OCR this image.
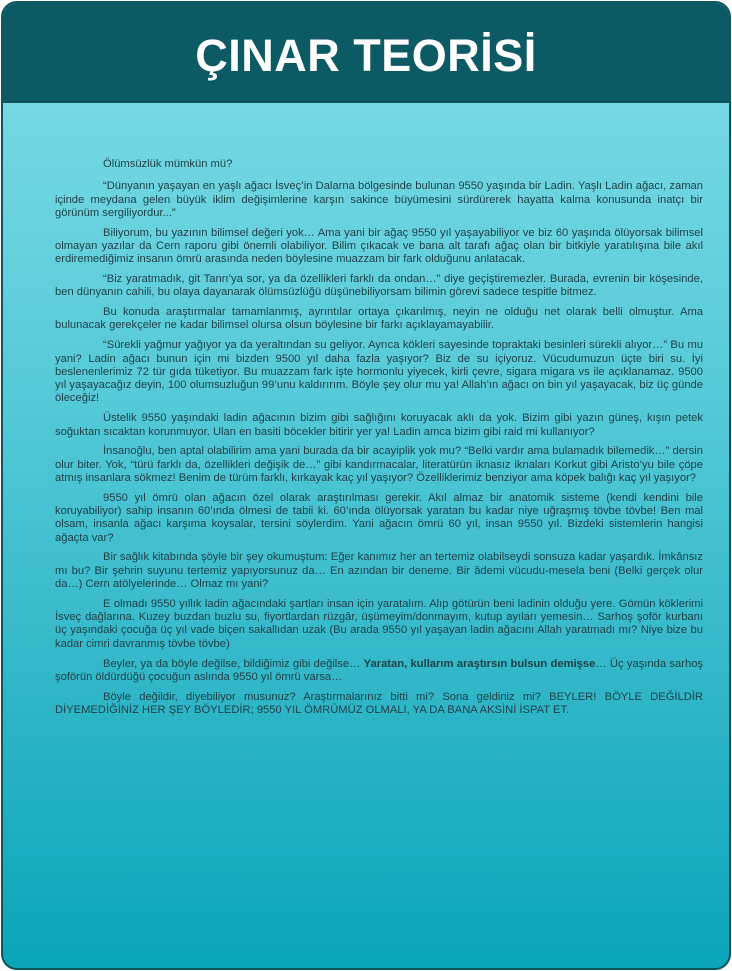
ÇINAR TEORİSİ

Ölümsüzlük mümkün mü?

“Dünyanın yaşayan en yaşlı ağacı İsveç’in Dalarna bölgesinde bulunan 9550 yaşında bir Ladin. Yaşlı Ladin ağacı, zaman içinde meydana gelen büyük iklim değişimlerine karşın sakince büyümesini sürdürerek hayatta kalma konusunda inatçı bir görünüm sergiliyordur...”

Biliyorum, bu yazının bilimsel değeri yok… Ama yani bir ağaç 9550 yıl yaşayabiliyor ve biz 60 yaşında ölüyorsak bilimsel olmayan yazılar da Cern raporu gibi önemli olabiliyor. Bilim çıkacak ve bana alt tarafı ağaç olan bir bitkiyle yaratılışına bile akıl erdiremediğimiz insanın ömrü arasında neden böylesine muazzam bir fark olduğunu anlatacak.

“Biz yaratmadık, git Tanrı’ya sor, ya da özellikleri farklı da ondan…” diye geçiştiremezler. Burada, evrenin bir köşesinde, ben dünyanın cahili, bu olaya dayanarak ölümsüzlüğü düşünebiliyorsam bilimin görevi sadece tespitle bitmez.

Bu konuda araştırmalar tamamlanmış, ayrıntılar ortaya çıkarılmış, neyin ne olduğu net olarak belli olmuştur. Ama bulunacak gerekçeler ne kadar bilimsel olursa olsun böylesine bir farkı açıklayamayabilir.

“Sürekli yağmur yağıyor ya da yeraltından su geliyor. Ayrıca kökleri sayesinde topraktaki besinleri sürekli alıyor…” Bu mu yani? Ladin ağacı bunun için mi bizden 9500 yıl daha fazla yaşıyor? Biz de su içiyoruz. Vücudumuzun üçte biri su. İyi beslenenlerimiz 72 tür gıda tüketiyor. Bu muazzam fark işte hormonlu yiyecek, kirli çevre, sigara migara vs ile açıklanamaz. 9500 yıl yaşayacağız deyin, 100 olumsuzluğun 99’unu kaldırırım. Böyle şey olur mu ya! Allah’ın ağacı on bin yıl yaşayacak, biz üç günde öleceğiz!

Üstelik 9550 yaşındaki ladin ağacının bizim gibi sağlığını koruyacak aklı da yok. Bizim gibi yazın güneş, kışın petek soğuktan sıcaktan korunmuyor. Ulan en basiti böcekler bitirir yer ya! Ladin amca bizim gibi raid mi kullanıyor?

İnsanoğlu, ben aptal olabilirim ama yani burada da bir acayiplik yok mu? “Belki vardır ama bulamadık bilemedik…” dersin olur biter. Yok, “türü farklı da, özellikleri değişik de…” gibi kandırmacalar, literatürün iknasız iknaları Korkut gibi Aristo’yu bile çöpe atmış insanlara sökmez! Benim de türüm farklı, kırkayak kaç yıl yaşıyor? Özelliklerimiz benziyor ama köpek balığı kaç yıl yaşıyor?

9550 yıl ömrü olan ağacın özel olarak araştırılması gerekir. Akıl almaz bir anatomik sisteme (kendi kendini bile koruyabiliyor) sahip insanın 60’ında ölmesi de tabii ki. 60’ında ölüyorsak yaratan bu kadar niye uğraşmış tövbe tövbe! Ben mal olsam, insanla ağacı karşıma koysalar, tersini söylerdim. Yani ağacın ömrü 60 yıl, insan 9550 yıl. Bizdeki sistemlerin hangisi ağaçta var?

Bir sağlık kitabında şöyle bir şey okumuştum: Eğer kanımız her an tertemiz olabilseydi sonsuza kadar yaşardık. İmkânsız mı bu? Bir şehrin suyunu tertemiz yapıyorsunuz da… En azından bir deneme. Bir âdemi vücudu-mesela beni (Belki gerçek olur da…) Cern atölyelerinde… Olmaz mı yani?

E olmadı 9550 yıllık ladin ağacındaki şartları insan için yaratalım. Alıp götürün beni ladinin olduğu yere. Gömün köklerimi İsveç dağlarına. Kuzey buzdan buzlu su, fiyortlardan rüzgâr, üşümeyim/donmayım, kutup ayıları yemesin… Sarhoş şoför kurbanı üç yaşındaki çocuğa üç yıl vade biçen sakallıdan uzak (Bu arada 9550 yıl yaşayan ladin ağacını Allah yaratmadı mı? Niye bize bu kadar cimri davranmış tövbe tövbe)

Beyler, ya da böyle değilse, bildiğimiz gibi değilse… Yaratan, kullarım araştırsın bulsun demişse… Üç yaşında sarhoş şoförün öldürdüğü çocuğun aslında 9550 yıl ömrü varsa…

Böyle değildir, diyebiliyor musunuz? Araştırmalarınız bitti mi? Sona geldiniz mi? BEYLER! BÖYLE DEĞİLDİR DİYEMEDİĞİNİZ HER ŞEY BÖYLEDİR; 9550 YIL ÖMRÜMÜZ OLMALI, YA DA BANA AKSİNİ İSPAT ET.
